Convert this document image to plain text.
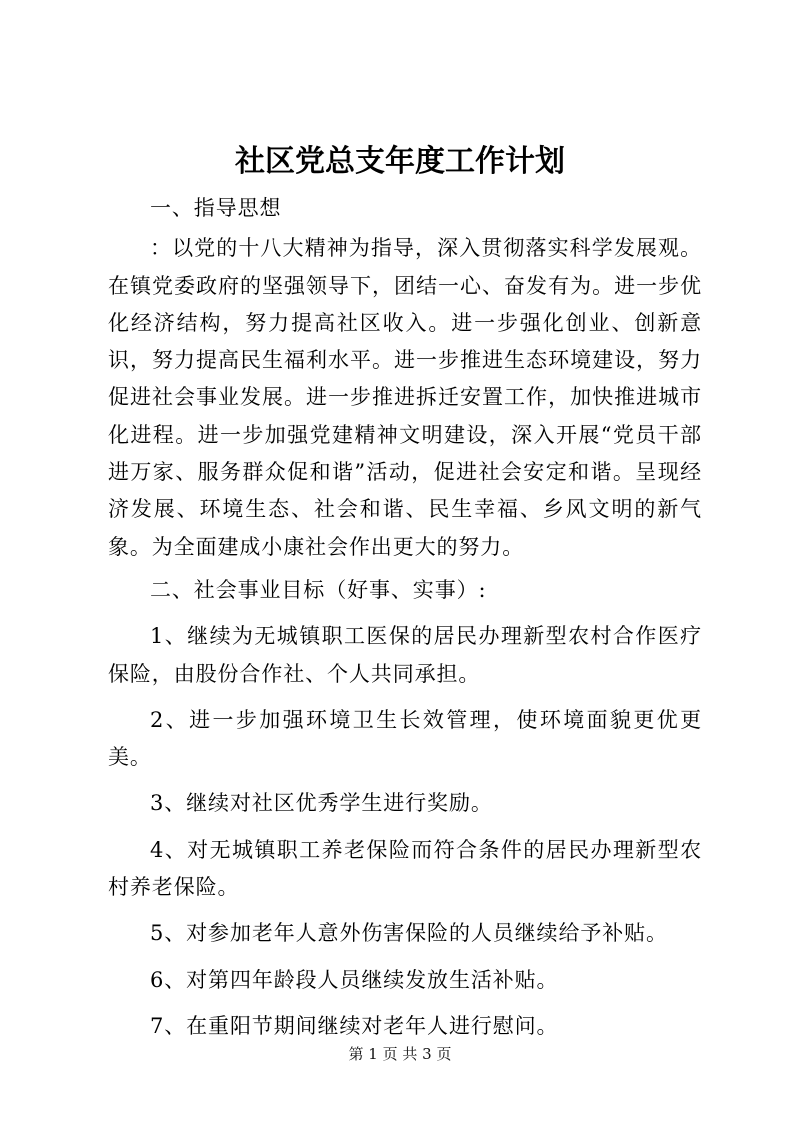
社区党总支年度工作计划

一、指导思想

：以党的十八大精神为指导，深入贯彻落实科学发展观。在镇党委政府的坚强领导下，团结一心、奋发有为。进一步优化经济结构，努力提高社区收入。进一步强化创业、创新意识，努力提高民生福利水平。进一步推进生态环境建设，努力促进社会事业发展。进一步推进拆迁安置工作，加快推进城市化进程。进一步加强党建精神文明建设，深入开展“党员干部进万家、服务群众促和谐”活动，促进社会安定和谐。呈现经济发展、环境生态、社会和谐、民生幸福、乡风文明的新气象。为全面建成小康社会作出更大的努力。

二、社会事业目标（好事、实事）:

1、继续为无城镇职工医保的居民办理新型农村合作医疗保险，由股份合作社、个人共同承担。

2、进一步加强环境卫生长效管理，使环境面貌更优更美。

3、继续对社区优秀学生进行奖励。

4、对无城镇职工养老保险而符合条件的居民办理新型农村养老保险。

5、对参加老年人意外伤害保险的人员继续给予补贴。

6、对第四年龄段人员继续发放生活补贴。

7、在重阳节期间继续对老年人进行慰问。

第 1 页 共 3 页
